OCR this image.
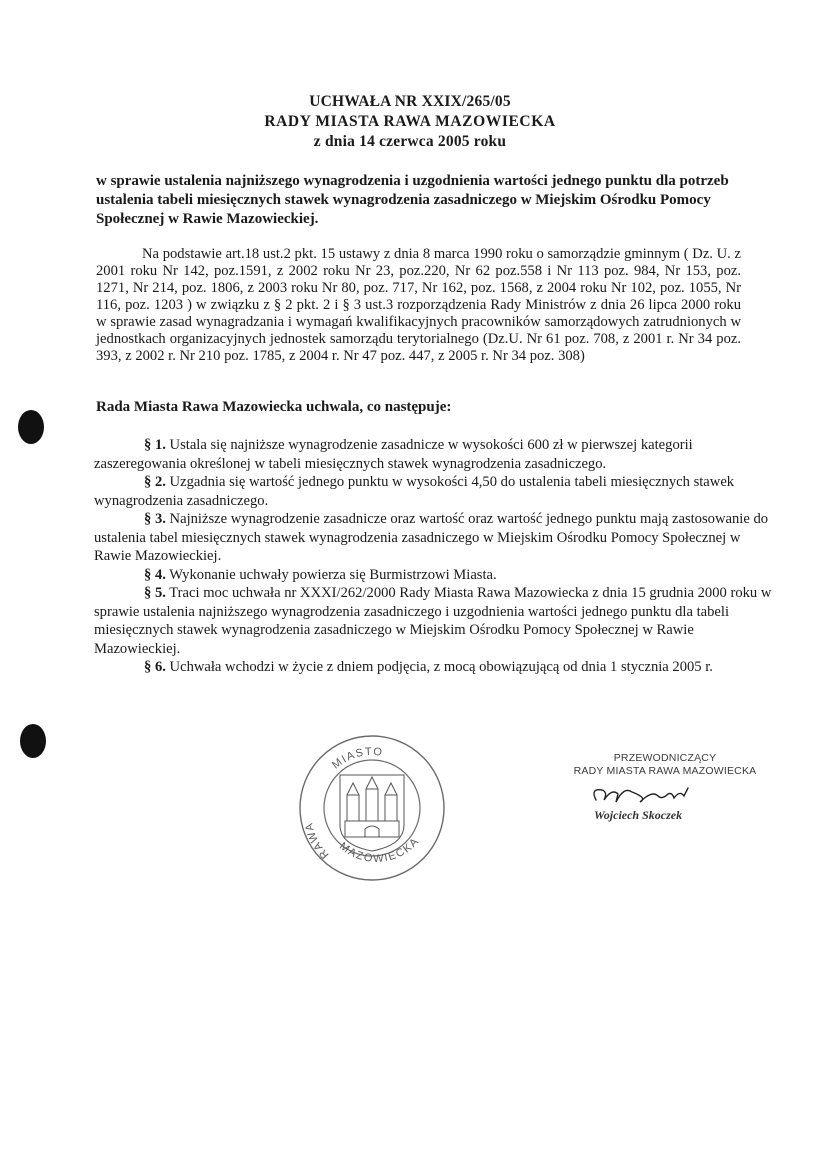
UCHWAŁA NR XXIX/265/05
RADY MIASTA RAWA MAZOWIECKA
z dnia 14 czerwca 2005 roku
w sprawie ustalenia najniższego wynagrodzenia i uzgodnienia wartości jednego punktu dla potrzeb ustalenia tabeli miesięcznych stawek wynagrodzenia zasadniczego w Miejskim Ośrodku Pomocy Społecznej w Rawie Mazowieckiej.
Na podstawie art.18 ust.2 pkt. 15 ustawy z dnia 8 marca 1990 roku o samorządzie gminnym ( Dz. U. z 2001 roku Nr 142, poz.1591, z 2002 roku Nr 23, poz.220, Nr 62 poz.558 i Nr 113 poz. 984, Nr 153, poz. 1271, Nr 214, poz. 1806, z 2003 roku Nr 80, poz. 717, Nr 162, poz. 1568, z 2004 roku Nr 102, poz. 1055, Nr 116, poz. 1203 ) w związku z § 2 pkt. 2 i § 3 ust.3 rozporządzenia Rady Ministrów z dnia 26 lipca 2000 roku w sprawie zasad wynagradzania i wymagań kwalifikacyjnych pracowników samorządowych zatrudnionych w jednostkach organizacyjnych jednostek samorządu terytorialnego (Dz.U. Nr 61 poz. 708, z 2001 r. Nr 34 poz. 393, z 2002 r. Nr 210 poz. 1785, z 2004 r. Nr 47 poz. 447, z 2005 r. Nr 34 poz. 308)
Rada Miasta Rawa Mazowiecka uchwala, co następuje:

§ 1. Ustala się najniższe wynagrodzenie zasadnicze w wysokości 600 zł w pierwszej kategorii zaszeregowania określonej w tabeli miesięcznych stawek wynagrodzenia zasadniczego.

§ 2. Uzgadnia się wartość jednego punktu w wysokości 4,50 do ustalenia tabeli miesięcznych stawek wynagrodzenia zasadniczego.

§ 3. Najniższe wynagrodzenie zasadnicze oraz wartość oraz wartość jednego punktu mają zastosowanie do ustalenia tabel miesięcznych stawek wynagrodzenia zasadniczego w Miejskim Ośrodku Pomocy Społecznej w Rawie Mazowieckiej.

§ 4. Wykonanie uchwały powierza się Burmistrzowi Miasta.

§ 5. Traci moc uchwała nr XXXI/262/2000 Rady Miasta Rawa Mazowiecka z dnia 15 grudnia 2000 roku w sprawie ustalenia najniższego wynagrodzenia zasadniczego i uzgodnienia wartości jednego punktu dla tabeli miesięcznych stawek wynagrodzenia zasadniczego w Miejskim Ośrodku Pomocy Społecznej w Rawie Mazowieckiej.

§ 6. Uchwała wchodzi w życie z dniem podjęcia, z mocą obowiązującą od dnia 1 stycznia 2005 r.

MIASTO
RAWA
MAZOWIECKA
PRZEWODNICZĄCY
RADY MIASTA RAWA MAZOWIECKA
Wojciech Skoczek
